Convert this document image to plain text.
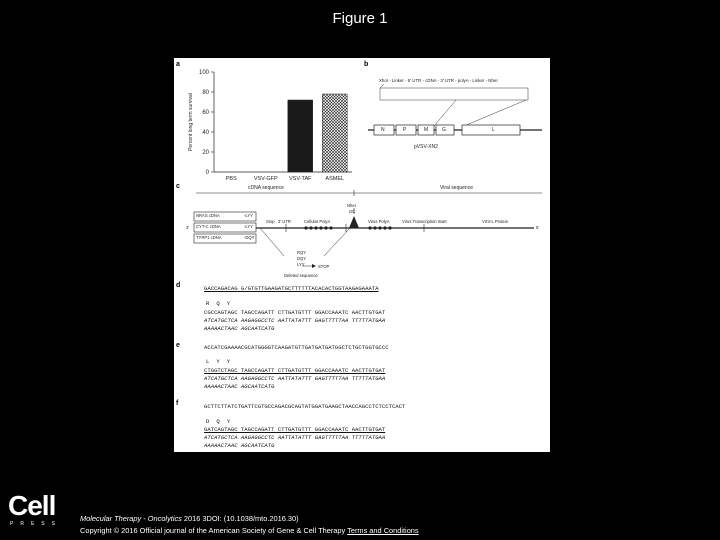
Figure 1
a
0
20
40
60
80
100
Percent long term survival
PBS	VSV-GFP VSV-TAF	ASMEL
b
XhoI - Linker - 5' UTR - cDNA - 3' UTR - polyA - Linker - NheI
N	P	M	G	L
pVSV-XN2
c	cDNA sequence	Viral sequence
NRAS cDNA
CYT-C cDNA
TYRP1 cDNA
-LYY
-LYY
-DQY
3'	5'
Stop 3' UTR	Cellular PolyA	Virus PolyA	Virus Transcription Start	VSV-L Protein
NheI
GC
RQY
DQY
LYY	STOP
Deleted sequence
d	GACCAGACAG G/GTGTTGAAGATGCTTTTTTACACACTGGTAAGAGAAATA
RQY
CGCCAGTAGC TAGCCAGATT CTTGATGTTT GGACCAAATC AACTTGTGAT
ATCATGCTCA AAGAGGCCTC AATTATATTT GAGTTTTTAA TTTTTATGAA
AAAAACTAAC AGCAATCATG
e	ACCATCGAAAACGCATGGGGTCAAGATGTTGATGATGATGGCTCTGCTGGTGCCC
LYY
CTGGTCTAGC TAGCCAGATT CTTGATGTTT GGACCAAATC AACTTGTGAT
ATCATGCTCA AAGAGGCCTC AATTATATTT GAGTTTTTAA TTTTTATGAA
AAAAACTAAC AGCAATCATG
f	GCTTCTTATCTGATTCGTGCCAGACGCAGTATGGATGAAGCTAACCAGCCTCTCCTCACT
DQY
GATCAGTAGC TAGCCAGATT CTTGATGTTT GGACCAAATC AACTTGTGAT
ATCATGCTCA AAGAGGCCTC AATTATATTT GAGTTTTTAA TTTTTATGAA
AAAAACTAAC AGCAATCATG
Cell
PRESS
Molecular Therapy - Oncolytics 2016 3DOI: (10.1038/mto.2016.30)
Copyright © 2016 Official journal of the American Society of Gene & Cell Therapy Terms and Conditions
